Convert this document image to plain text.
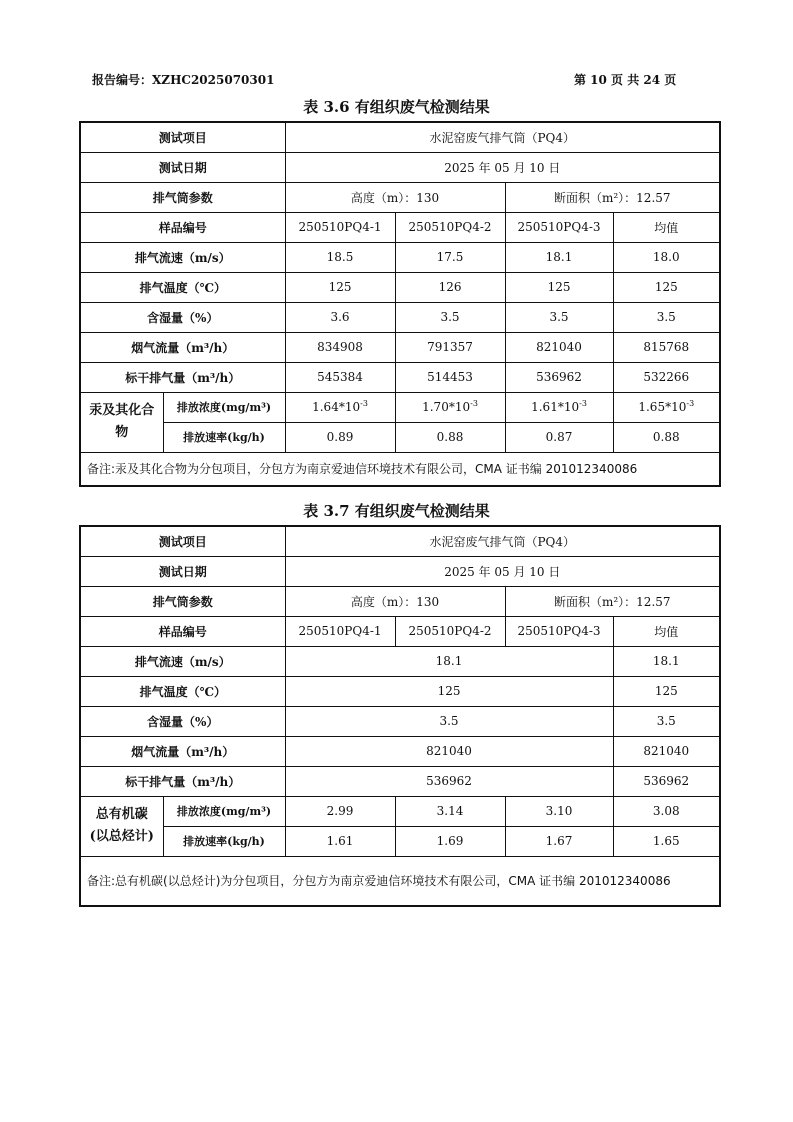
报告编号：XZHC2025070301	第 10 页 共 24 页
表 3.6 有组织废气检测结果
测试项目		水泥窑废气排气筒（PQ4）			
测试日期		2025 年 05 月 10 日			
排气筒参数		高度（m）：130		断面积（m²）：12.57	
样品编号		250510PQ4-1	250510PQ4-2	250510PQ4-3	均值
排气流速（m/s）		18.5	17.5	18.1	18.0
排气温度（℃）		125	126	125	125
含湿量（%）		3.6	3.5	3.5	3.5
烟气流量（m³/h）		834908	791357	821040	815768
标干排气量（m³/h）		545384	514453	536962	532266
汞及其化合物	排放浓度(mg/m³)	$1.64*10^{-3}$	$1.70*10^{-3}$	$1.61*10^{-3}$	$1.65*10^{-3}$
	排放速率(kg/h)	0.89	0.88	0.87	0.88
备注:汞及其化合物为分包项目，分包方为南京爱迪信环境技术有限公司，CMA 证书编 201012340086					
表 3.7 有组织废气检测结果
测试项目		水泥窑废气排气筒（PQ4）			
测试日期		2025 年 05 月 10 日			
排气筒参数		高度（m）：130		断面积（m²）：12.57	
样品编号		250510PQ4-1	250510PQ4-2	250510PQ4-3	均值
排气流速（m/s）		18.1			18.1
排气温度（℃）		125			125
含湿量（%）		3.5			3.5
烟气流量（m³/h）		821040			821040
标干排气量（m³/h）		536962			536962
总有机碳
(以总烃计)	排放浓度(mg/m³)	2.99	3.14	3.10	3.08
	排放速率(kg/h)	1.61	1.69	1.67	1.65
备注:总有机碳(以总烃计)为分包项目，分包方为南京爱迪信环境技术有限公司，CMA 证书编 201012340086					
